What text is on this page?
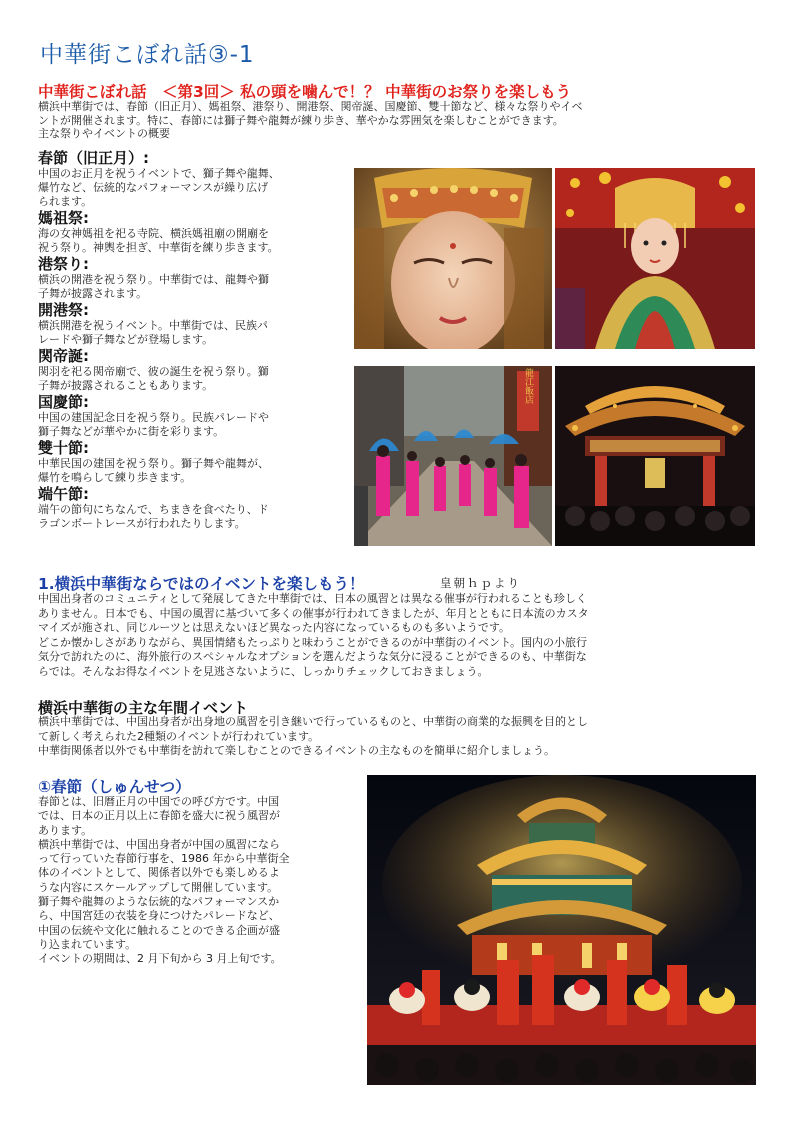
中華街こぼれ話③-1
中華街こぼれ話　＜第3回＞ 私の頭を噛んで！？ 中華街のお祭りを楽しもう

横浜中華街では、春節（旧正月）、媽祖祭、港祭り、開港祭、関帝誕、国慶節、雙十節など、様々な祭りやイベ

ントが開催されます。特に、春節には獅子舞や龍舞が練り歩き、華やかな雰囲気を楽しむことができます。

主な祭りやイベントの概要

春節（旧正月）:

中国のお正月を祝うイベントで、獅子舞や龍舞、
爆竹など、伝統的なパフォーマンスが繰り広げ
られます。

媽祖祭:

海の女神媽祖を祀る寺院、横浜媽祖廟の開廟を
祝う祭り。神輿を担ぎ、中華街を練り歩きます。

港祭り:

横浜の開港を祝う祭り。中華街では、龍舞や獅
子舞が披露されます。

開港祭:

横浜開港を祝うイベント。中華街では、民族パ
レードや獅子舞などが登場します。

関帝誕:

関羽を祀る関帝廟で、彼の誕生を祝う祭り。獅
子舞が披露されることもあります。

国慶節:

中国の建国記念日を祝う祭り。民族パレードや
獅子舞などが華やかに街を彩ります。

雙十節:

中華民国の建国を祝う祭り。獅子舞や龍舞が、
爆竹を鳴らして練り歩きます。

端午節:

端午の節句にちなんで、ちまきを食べたり、ド
ラゴンボートレースが行われたりします。

龍江飯店
1.横浜中華街ならではのイベントを楽しもう！	皇朝ｈｐより

中国出身者のコミュニティとして発展してきた中華街では、日本の風習とは異なる催事が行われることも珍しく

ありません。日本でも、中国の風習に基づいて多くの催事が行われてきましたが、年月とともに日本流のカスタ

マイズが施され、同じルーツとは思えないほど異なった内容になっているものも多いようです。

どこか懐かしさがありながら、異国情緒もたっぷりと味わうことができるのが中華街のイベント。国内の小旅行

気分で訪れたのに、海外旅行のスペシャルなオプションを選んだような気分に浸ることができるのも、中華街な

らでは。そんなお得なイベントを見逃さないように、しっかりチェックしておきましょう。

横浜中華街の主な年間イベント

横浜中華街では、中国出身者が出身地の風習を引き継いで行っているものと、中華街の商業的な振興を目的とし

て新しく考えられた2種類のイベントが行われています。

中華街関係者以外でも中華街を訪れて楽しむことのできるイベントの主なものを簡単に紹介しましょう。

①春節（しゅんせつ）

春節とは、旧暦正月の中国での呼び方です。中国

では、日本の正月以上に春節を盛大に祝う風習が

あります。

横浜中華街では、中国出身者が中国の風習になら

って行っていた春節行事を、1986 年から中華街全

体のイベントとして、関係者以外でも楽しめるよ

うな内容にスケールアップして開催しています。

獅子舞や龍舞のような伝統的なパフォーマンスか

ら、中国宮廷の衣装を身につけたパレードなど、

中国の伝統や文化に触れることのできる企画が盛

り込まれています。

イベントの期間は、2 月下旬から 3 月上旬です。
